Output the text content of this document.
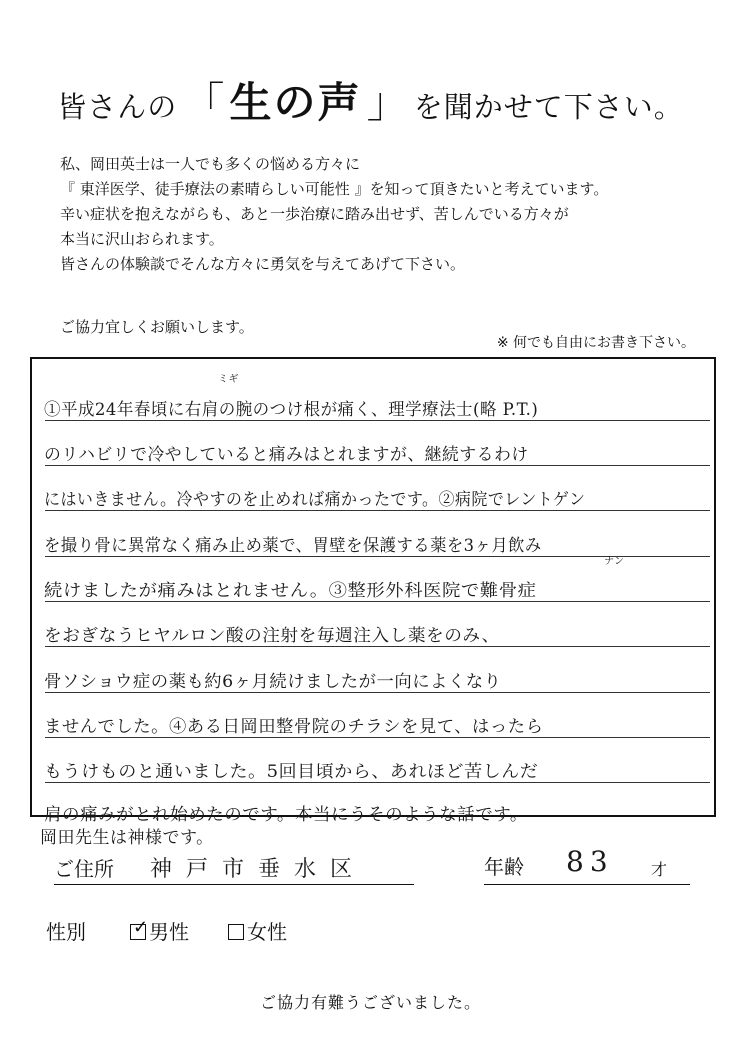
皆さんの 「 生の声 」 を聞かせて下さい。
私、岡田英士は一人でも多くの悩める方々に
『 東洋医学、徒手療法の素晴らしい可能性 』を知って頂きたいと考えています。
辛い症状を抱えながらも、あと一歩治療に踏み出せず、苦しんでいる方々が
本当に沢山おられます。
皆さんの体験談でそんな方々に勇気を与えてあげて下さい。
ご協力宜しくお願いします。
※ 何でも自由にお書き下さい。
ミギ
ナン
①平成24年春頃に右肩の腕のつけ根が痛く、理学療法士(略 P.T.)
のリハビリで冷やしていると痛みはとれますが、継続するわけ
にはいきません。冷やすのを止めれば痛かったです。②病院でレントゲン
を撮り骨に異常なく痛み止め薬で、胃壁を保護する薬を3ヶ月飲み
続けましたが痛みはとれません。③整形外科医院で難骨症
をおぎなうヒヤルロン酸の注射を毎週注入し薬をのみ、
骨ソショウ症の薬も約6ヶ月続けましたが一向によくなり
ませんでした。④ある日岡田整骨院のチラシを見て、はったら
もうけものと通いました。5回目頃から、あれほど苦しんだ
肩の痛みがとれ始めたのです。本当にうそのような話です。
岡田先生は神様です。
ご住所 神戸市垂水区	年齢 83 才
性別	✓ 男性	女性
ご協力有難うございました。
